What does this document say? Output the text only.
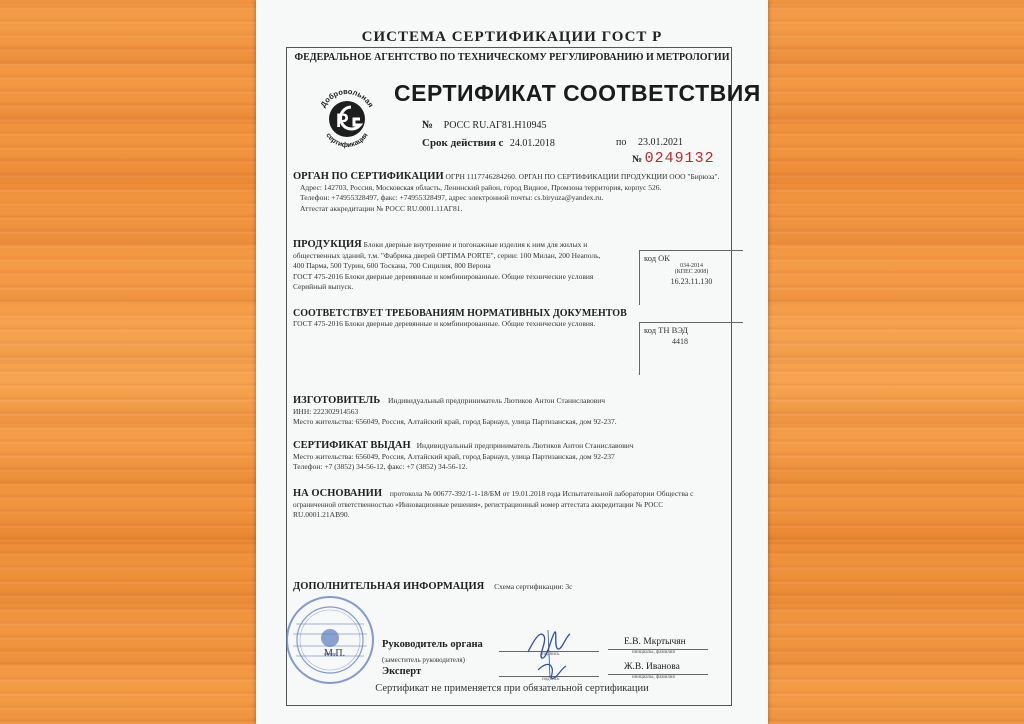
СИСТЕМА СЕРТИФИКАЦИИ ГОСТ Р
ФЕДЕРАЛЬНОЕ АГЕНТСТВО ПО ТЕХНИЧЕСКОМУ РЕГУЛИРОВАНИЮ И МЕТРОЛОГИИ
P
Добровольная
сертификация
СЕРТИФИКАТ СООТВЕТСТВИЯ
№ РОСС RU.АГ81.Н10945
Срок действия с 24.01.2018	по 23.01.2021
№ 0249132
ОРГАН ПО СЕРТИФИКАЦИИ ОГРН 1117746284260. ОРГАН ПО СЕРТИФИКАЦИИ ПРОДУКЦИИ ООО "Бирюза".
Адрес: 142703, Россия, Московская область, Ленинский район, город Видное, Промзона территория, корпус 526.
Телефон: +74955328497, факс: +74955328497, адрес электронной почты: cs.biryuza@yandex.ru.
Аттестат аккредитации № РОСС RU.0001.11АГ81.
ПРОДУКЦИЯ Блоки дверные внутренние и погонажные изделия к ним для жилых и
общественных зданий, т.м. "Фабрика дверей OPTIMA PORTE", серии: 100 Милан, 200 Неаполь,
400 Парма, 500 Турин, 600 Тоскана, 700 Сицилия, 800 Верона
ГОСТ 475-2016 Блоки дверные деревянные и комбинированные. Общие технические условия
Серийный выпуск.
код ОК
034-2014
(КПЕС 2008)
16.23.11.130
СООТВЕТСТВУЕТ ТРЕБОВАНИЯМ НОРМАТИВНЫХ ДОКУМЕНТОВ
ГОСТ 475-2016 Блоки дверные деревянные и комбинированные. Общие технические условия.
код ТН ВЭД
4418
ИЗГОТОВИТЕЛЬ Индивидуальный предприниматель Лютиков Антон Станиславович
ИНН: 222302914563
Место жительства: 656049, Россия, Алтайский край, город Барнаул, улица Партизанская, дом 92-237.
СЕРТИФИКАТ ВЫДАН Индивидуальный предприниматель Лютиков Антон Станиславович
Место жительства: 656049, Россия, Алтайский край, город Барнаул, улица Партизанская, дом 92-237
Телефон: +7 (3852) 34-56-12, факс: +7 (3852) 34-56-12.
НА ОСНОВАНИИ протокола № 00677-392/1-1-18/БМ от 19.01.2018 года Испытательной лаборатории Общества с
ограниченной ответственностью «Инновационные решения», регистрационный номер аттестата аккредитации № РОСС
RU.0001.21АВ90.
ДОПОЛНИТЕЛЬНАЯ ИНФОРМАЦИЯ Схема сертификации: 3с
М.П.
Руководитель органа
(заместитель руководителя)
Эксперт
подпись
подпись
Е.В. Мкртычян
инициалы, фамилия
Ж.В. Иванова
инициалы, фамилия
Сертификат не применяется при обязательной сертификации
